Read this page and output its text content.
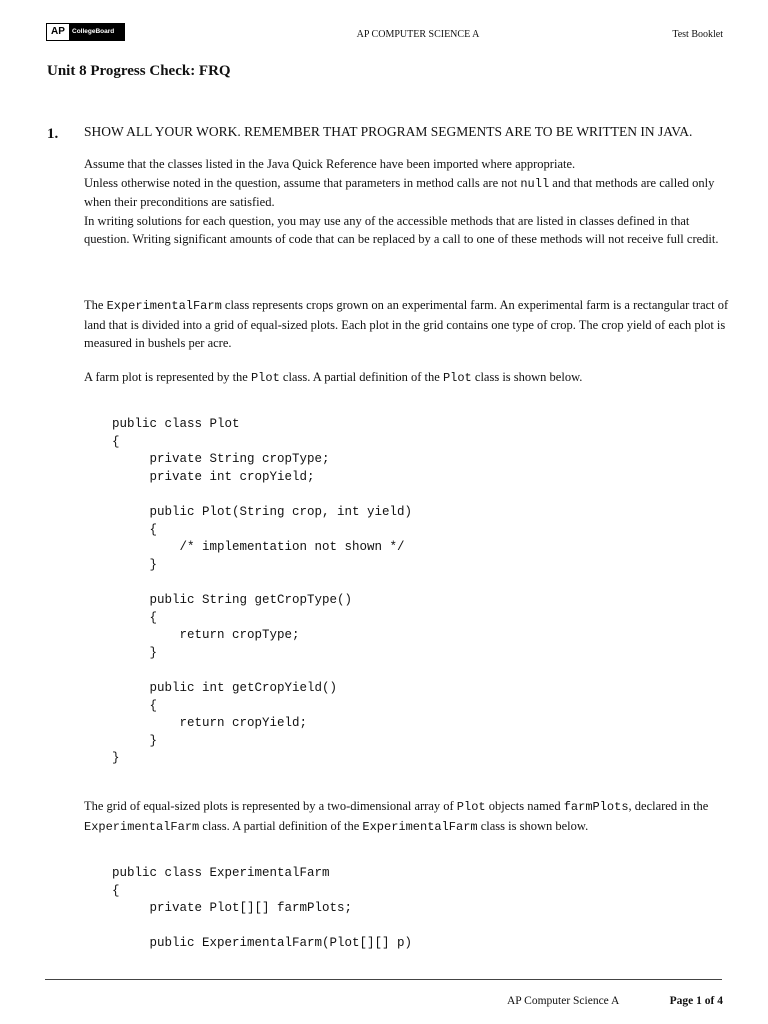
AP	CollegeBoard	AP COMPUTER SCIENCE A	Test Booklet
Unit 8 Progress Check: FRQ
1. SHOW ALL YOUR WORK. REMEMBER THAT PROGRAM SEGMENTS ARE TO BE WRITTEN IN JAVA.
Assume that the classes listed in the Java Quick Reference have been imported where appropriate.
Unless otherwise noted in the question, assume that parameters in method calls are not null and that methods are called only when their preconditions are satisfied.
In writing solutions for each question, you may use any of the accessible methods that are listed in classes defined in that question. Writing significant amounts of code that can be replaced by a call to one of these methods will not receive full credit.
The ExperimentalFarm class represents crops grown on an experimental farm. An experimental farm is a rectangular tract of land that is divided into a grid of equal-sized plots. Each plot in the grid contains one type of crop. The crop yield of each plot is measured in bushels per acre.
A farm plot is represented by the Plot class. A partial definition of the Plot class is shown below.
public class Plot
{
private String cropType;
private int cropYield;

public Plot(String crop, int yield)
{
/* implementation not shown */
}

public String getCropType()
{
return cropType;
}

public int getCropYield()
{
return cropYield;
}
}
The grid of equal-sized plots is represented by a two-dimensional array of Plot objects named farmPlots, declared in the ExperimentalFarm class. A partial definition of the ExperimentalFarm class is shown below.
public class ExperimentalFarm
{
private Plot[][] farmPlots;

public ExperimentalFarm(Plot[][] p)
AP Computer Science A	Page 1 of 4
